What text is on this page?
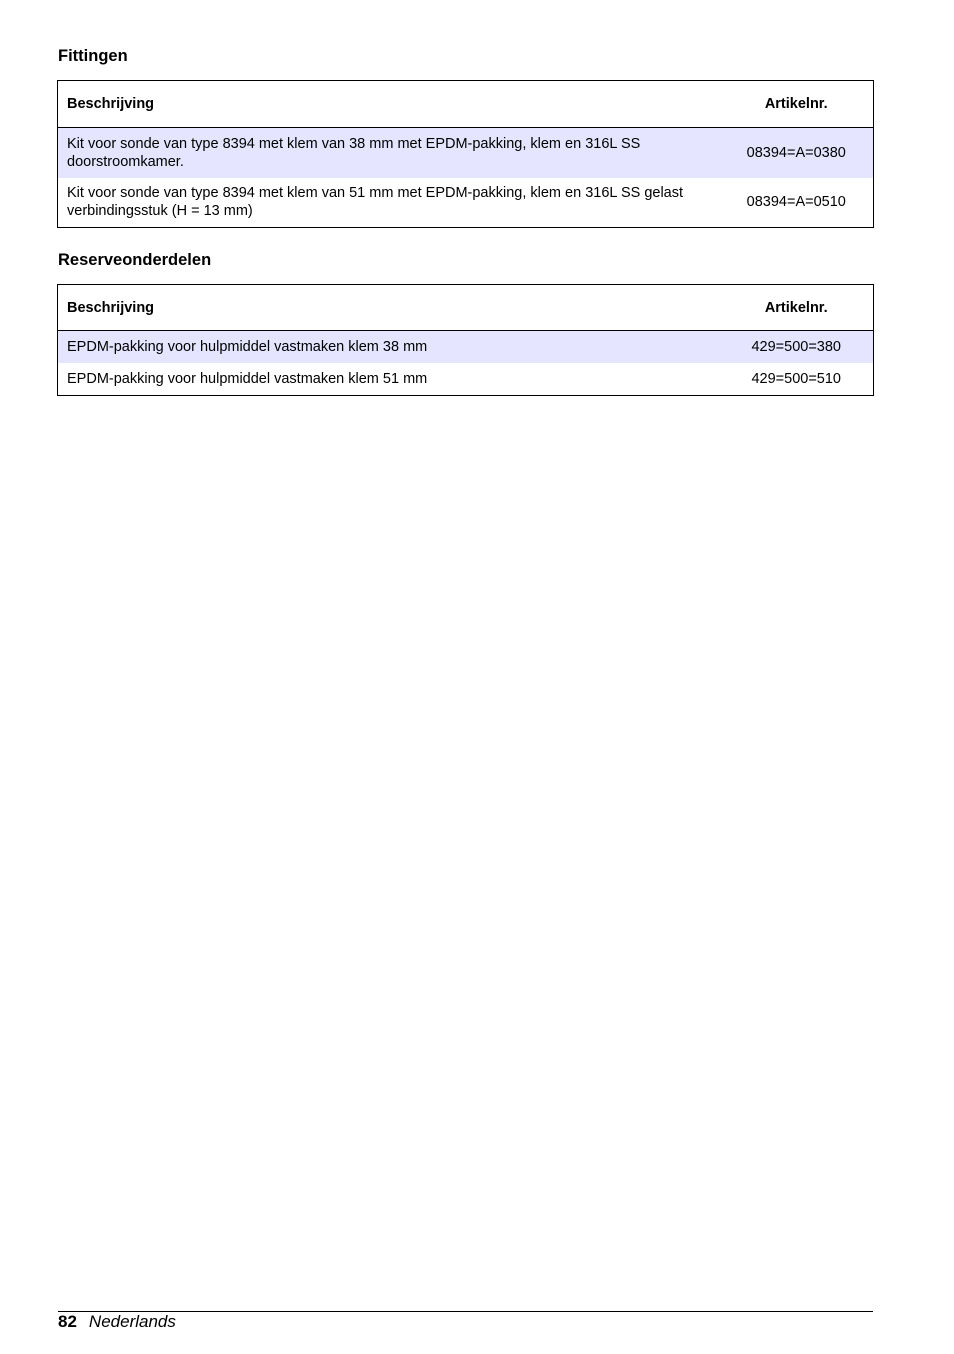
Fittingen
Beschrijving	Artikelnr.
Kit voor sonde van type 8394 met klem van 38 mm met EPDM-pakking, klem en 316L SS doorstroomkamer.	08394=A=0380
Kit voor sonde van type 8394 met klem van 51 mm met EPDM-pakking, klem en 316L SS gelast verbindingsstuk (H = 13 mm)	08394=A=0510
Reserveonderdelen
Beschrijving	Artikelnr.
EPDM-pakking voor hulpmiddel vastmaken klem 38 mm	429=500=380
EPDM-pakking voor hulpmiddel vastmaken klem 51 mm	429=500=510
82 Nederlands
